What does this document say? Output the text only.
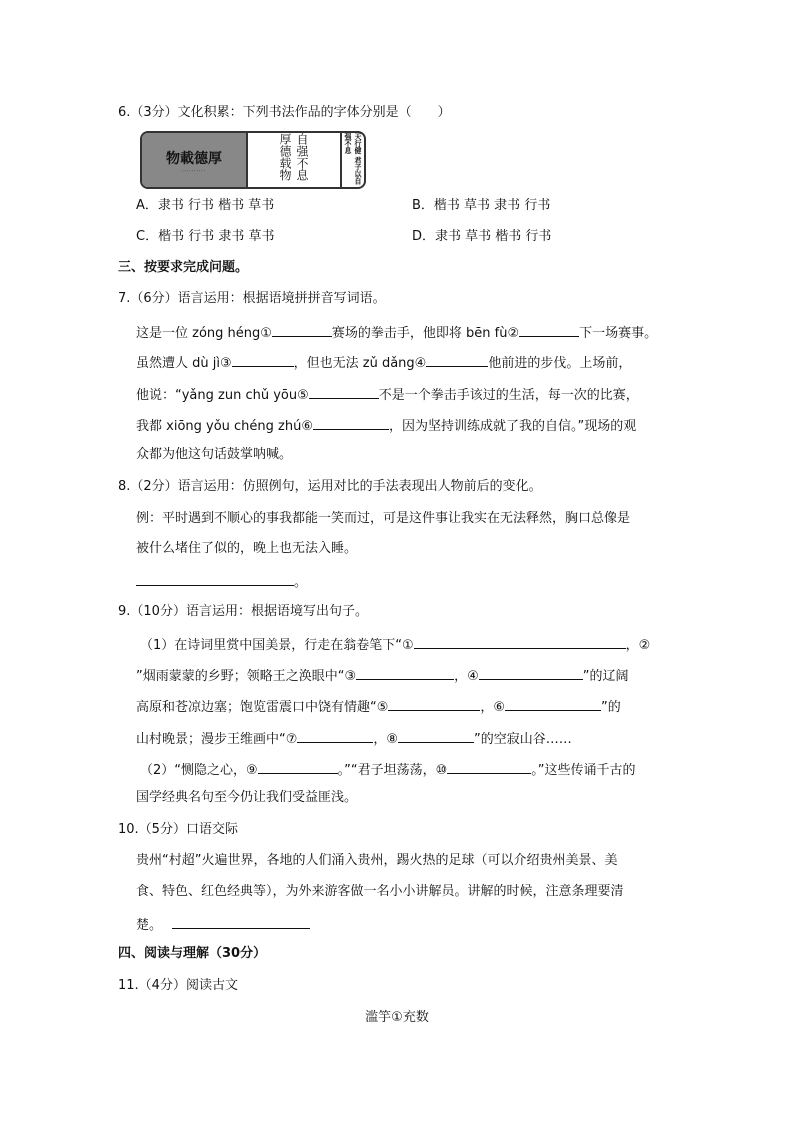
6.（3分）文化积累：下列书法作品的字体分别是（　　）
物載德厚
··········	自强不息 厚德载物	天行健 君子以自强不息
A．隶书 行书 楷书 草书	B．楷书 草书 隶书 行书
C．楷书 行书 隶书 草书	D．隶书 草书 楷书 行书
三、按要求完成问题。
7.（6分）语言运用：根据语境拼拼音写词语。
这是一位 zóng héng①	赛场的拳击手，他即将 bēn fù②	下一场赛事。
虽然遭人 dù jì③	，但也无法 zǔ dǎng④	他前进的步伐。上场前，
他说：“yǎng zun chǔ yōu⑤	不是一个拳击手该过的生活，每一次的比赛，
我都 xiōng yǒu chéng zhú⑥	，因为坚持训练成就了我的自信。”现场的观
众都为他这句话鼓掌呐喊。
8.（2分）语言运用：仿照例句，运用对比的手法表现出人物前后的变化。
例：平时遇到不顺心的事我都能一笑而过，可是这件事让我实在无法释然，胸口总像是
被什么堵住了似的，晚上也无法入睡。
。
9.（10分）语言运用：根据语境写出句子。
（1）在诗词里赏中国美景，行走在翁卷笔下“①	，②
”烟雨蒙蒙的乡野；领略王之涣眼中“③	，④	”的辽阔
高原和苍凉边塞；饱览雷震口中饶有情趣“⑤	，⑥	”的
山村晚景；漫步王维画中“⑦	，⑧	”的空寂山谷……
（2）“恻隐之心，⑨	。”“君子坦荡荡，⑩	。”这些传诵千古的
国学经典名句至今仍让我们受益匪浅。
10.（5分）口语交际
贵州“村超”火遍世界，各地的人们涌入贵州，踢火热的足球（可以介绍贵州美景、美
食、特色、红色经典等），为外来游客做一名小小讲解员。讲解的时候，注意条理要清
楚。
四、阅读与理解（30分）
11.（4分）阅读古文
滥竽①充数
